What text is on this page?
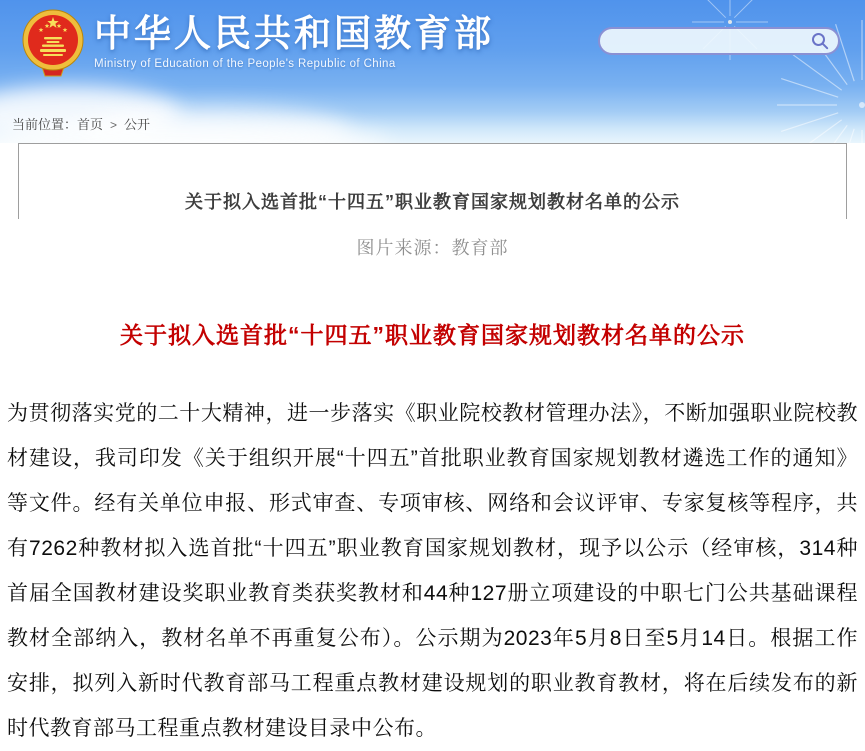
中华人民共和国教育部
Ministry of Education of the People's Republic of China
当前位置：首页 > 公开
关于拟入选首批“十四五”职业教育国家规划教材名单的公示
图片来源：教育部
关于拟入选首批“十四五”职业教育国家规划教材名单的公示

为贯彻落实党的二十大精神，进一步落实《职业院校教材管理办法》，不断加强职业院校教材建设，我司印发《关于组织开展“十四五”首批职业教育国家规划教材遴选工作的通知》等文件。经有关单位申报、形式审查、专项审核、网络和会议评审、专家复核等程序，共有7262种教材拟入选首批“十四五”职业教育国家规划教材，现予以公示（经审核，314种首届全国教材建设奖职业教育类获奖教材和44种127册立项建设的中职七门公共基础课程教材全部纳入，教材名单不再重复公布）。公示期为2023年5月8日至5月14日。根据工作安排，拟列入新时代教育部马工程重点教材建设规划的职业教育教材，将在后续发布的新时代教育部马工程重点教材建设目录中公布。
